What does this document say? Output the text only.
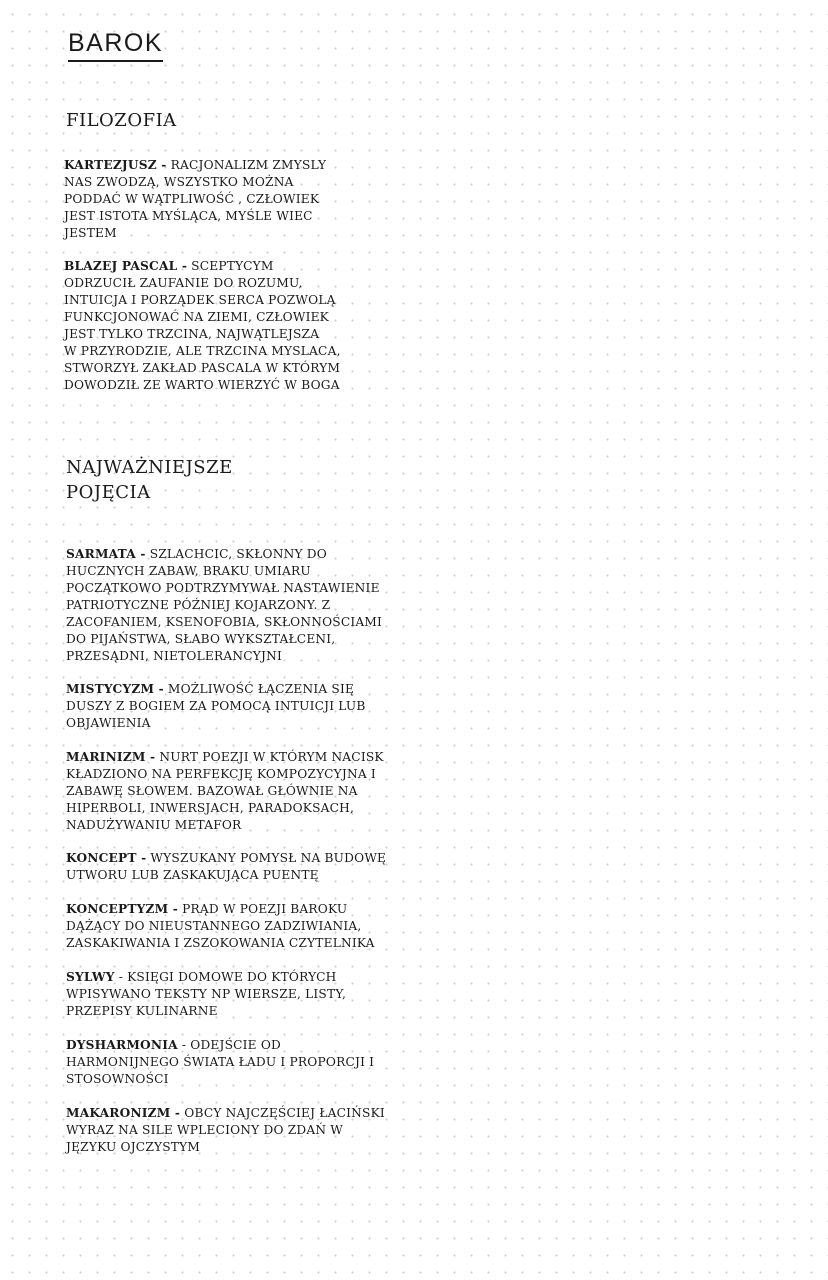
BAROK
FILOZOFIA
KARTEZJUSZ - RACJONALIZM ZMYSLY
NAS ZWODZĄ, WSZYSTKO MOŻNA
PODDAĆ W WĄTPLIWOŚĆ , CZŁOWIEK
JEST ISTOTA MYŚLĄCA, MYŚLE WIEC
JESTEM
BLAZEJ PASCAL - SCEPTYCYM
ODRZUCIŁ ZAUFANIE DO ROZUMU,
INTUICJA I PORZĄDEK SERCA POZWOLĄ
FUNKCJONOWAĆ NA ZIEMI, CZŁOWIEK
JEST TYLKO TRZCINA, NAJWĄTLEJSZA
W PRZYRODZIE, ALE TRZCINA MYSLACA,
STWORZYŁ ZAKŁAD PASCALA W KTÓRYM
DOWODZIŁ ZE WARTO WIERZYĆ W BOGA
NAJWAŻNIEJSZE
POJĘCIA
SARMATA - SZLACHCIC, SKŁONNY DO
HUCZNYCH ZABAW, BRAKU UMIARU
POCZĄTKOWO PODTRZYMYWAŁ NASTAWIENIE
PATRIOTYCZNE PÓŹNIEJ KOJARZONY. Z
ZACOFANIEM, KSENOFOBIA, SKŁONNOŚCIAMI
DO PIJAŃSTWA, SŁABO WYKSZTAŁCENI,
PRZESĄDNI, NIETOLERANCYJNI
MISTYCYZM - MOŻLIWOŚĆ ŁĄCZENIA SIĘ
DUSZY Z BOGIEM ZA POMOCĄ INTUICJI LUB
OBJAWIENIA
MARINIZM - NURT POEZJI W KTÓRYM NACISK
KŁADZIONO NA PERFEKCJĘ KOMPOZYCYJNA I
ZABAWĘ SŁOWEM. BAZOWAŁ GŁÓWNIE NA
HIPERBOLI, INWERSJACH, PARADOKSACH,
NADUŻYWANIU METAFOR
KONCEPT - WYSZUKANY POMYSŁ NA BUDOWĘ
UTWORU LUB ZASKAKUJĄCA PUENTĘ
KONCEPTYZM - PRĄD W POEZJI BAROKU
DĄŻĄCY DO NIEUSTANNEGO ZADZIWIANIA,
ZASKAKIWANIA I ZSZOKOWANIA CZYTELNIKA
SYLWY - KSIĘGI DOMOWE DO KTÓRYCH
WPISYWANO TEKSTY NP WIERSZE, LISTY,
PRZEPISY KULINARNE
DYSHARMONIA - ODEJŚCIE OD
HARMONIJNEGO ŚWIATA ŁADU I PROPORCJI I
STOSOWNOŚCI
MAKARONIZM - OBCY NAJCZĘŚCIEJ ŁACIŃSKI
WYRAZ NA SILE WPLECIONY DO ZDAŃ W
JĘZYKU OJCZYSTYM
